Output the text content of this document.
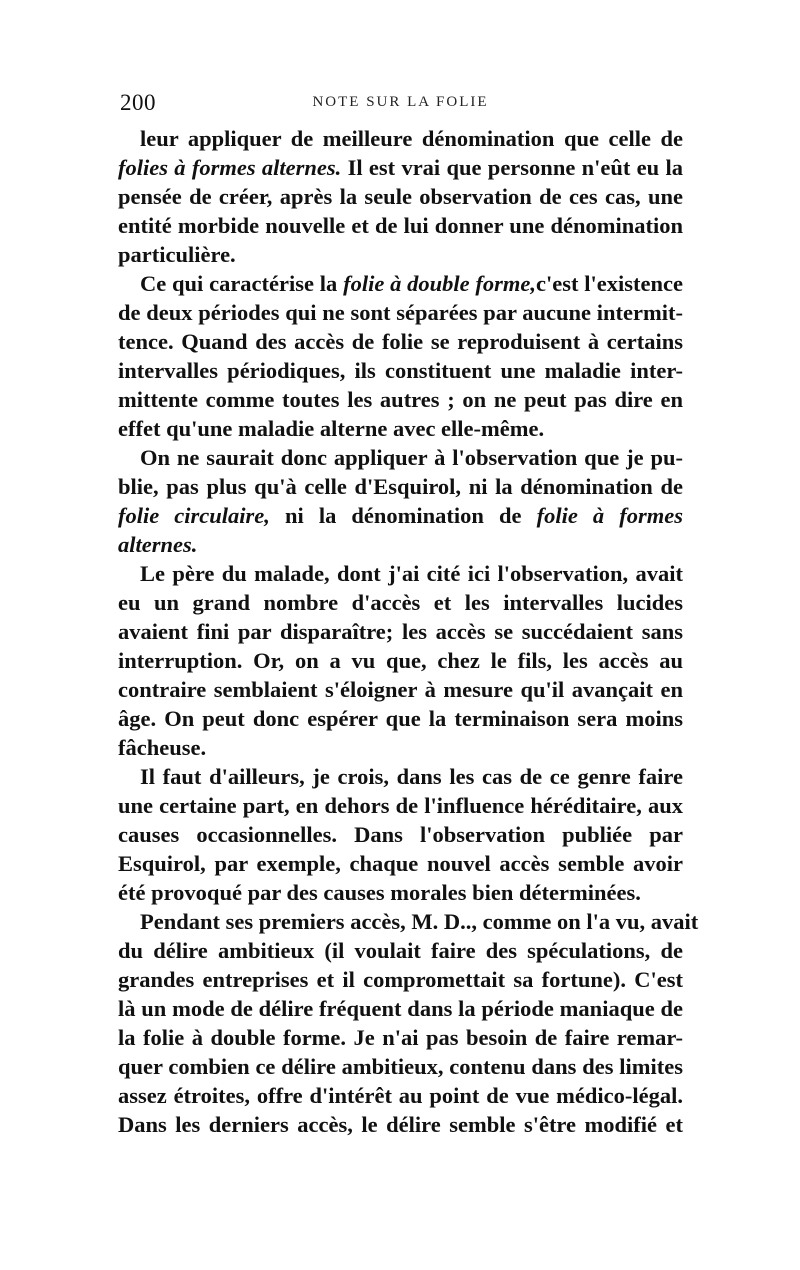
200	NOTE SUR LA FOLIE
leur appliquer de meilleure dénomination que celle de
folies à formes alternes. Il est vrai que personne n'eût eu la
pensée de créer, après la seule observation de ces cas, une
entité morbide nouvelle et de lui donner une dénomination
particulière.
Ce qui caractérise la folie à double forme,c'est l'existence
de deux périodes qui ne sont séparées par aucune intermit-
tence. Quand des accès de folie se reproduisent à certains
intervalles périodiques, ils constituent une maladie inter-
mittente comme toutes les autres ; on ne peut pas dire en
effet qu'une maladie alterne avec elle-même.
On ne saurait donc appliquer à l'observation que je pu-
blie, pas plus qu'à celle d'Esquirol, ni la dénomination de
folie circulaire, ni la dénomination de folie à formes
alternes.
Le père du malade, dont j'ai cité ici l'observation, avait
eu un grand nombre d'accès et les intervalles lucides
avaient fini par disparaître; les accès se succédaient sans
interruption. Or, on a vu que, chez le fils, les accès au
contraire semblaient s'éloigner à mesure qu'il avançait en
âge. On peut donc espérer que la terminaison sera moins
fâcheuse.
Il faut d'ailleurs, je crois, dans les cas de ce genre faire
une certaine part, en dehors de l'influence héréditaire, aux
causes occasionnelles. Dans l'observation publiée par
Esquirol, par exemple, chaque nouvel accès semble avoir
été provoqué par des causes morales bien déterminées.
Pendant ses premiers accès, M. D.., comme on l'a vu, avait
du délire ambitieux (il voulait faire des spéculations, de
grandes entreprises et il compromettait sa fortune). C'est
là un mode de délire fréquent dans la période maniaque de
la folie à double forme. Je n'ai pas besoin de faire remar-
quer combien ce délire ambitieux, contenu dans des limites
assez étroites, offre d'intérêt au point de vue médico-légal.
Dans les derniers accès, le délire semble s'être modifié et
